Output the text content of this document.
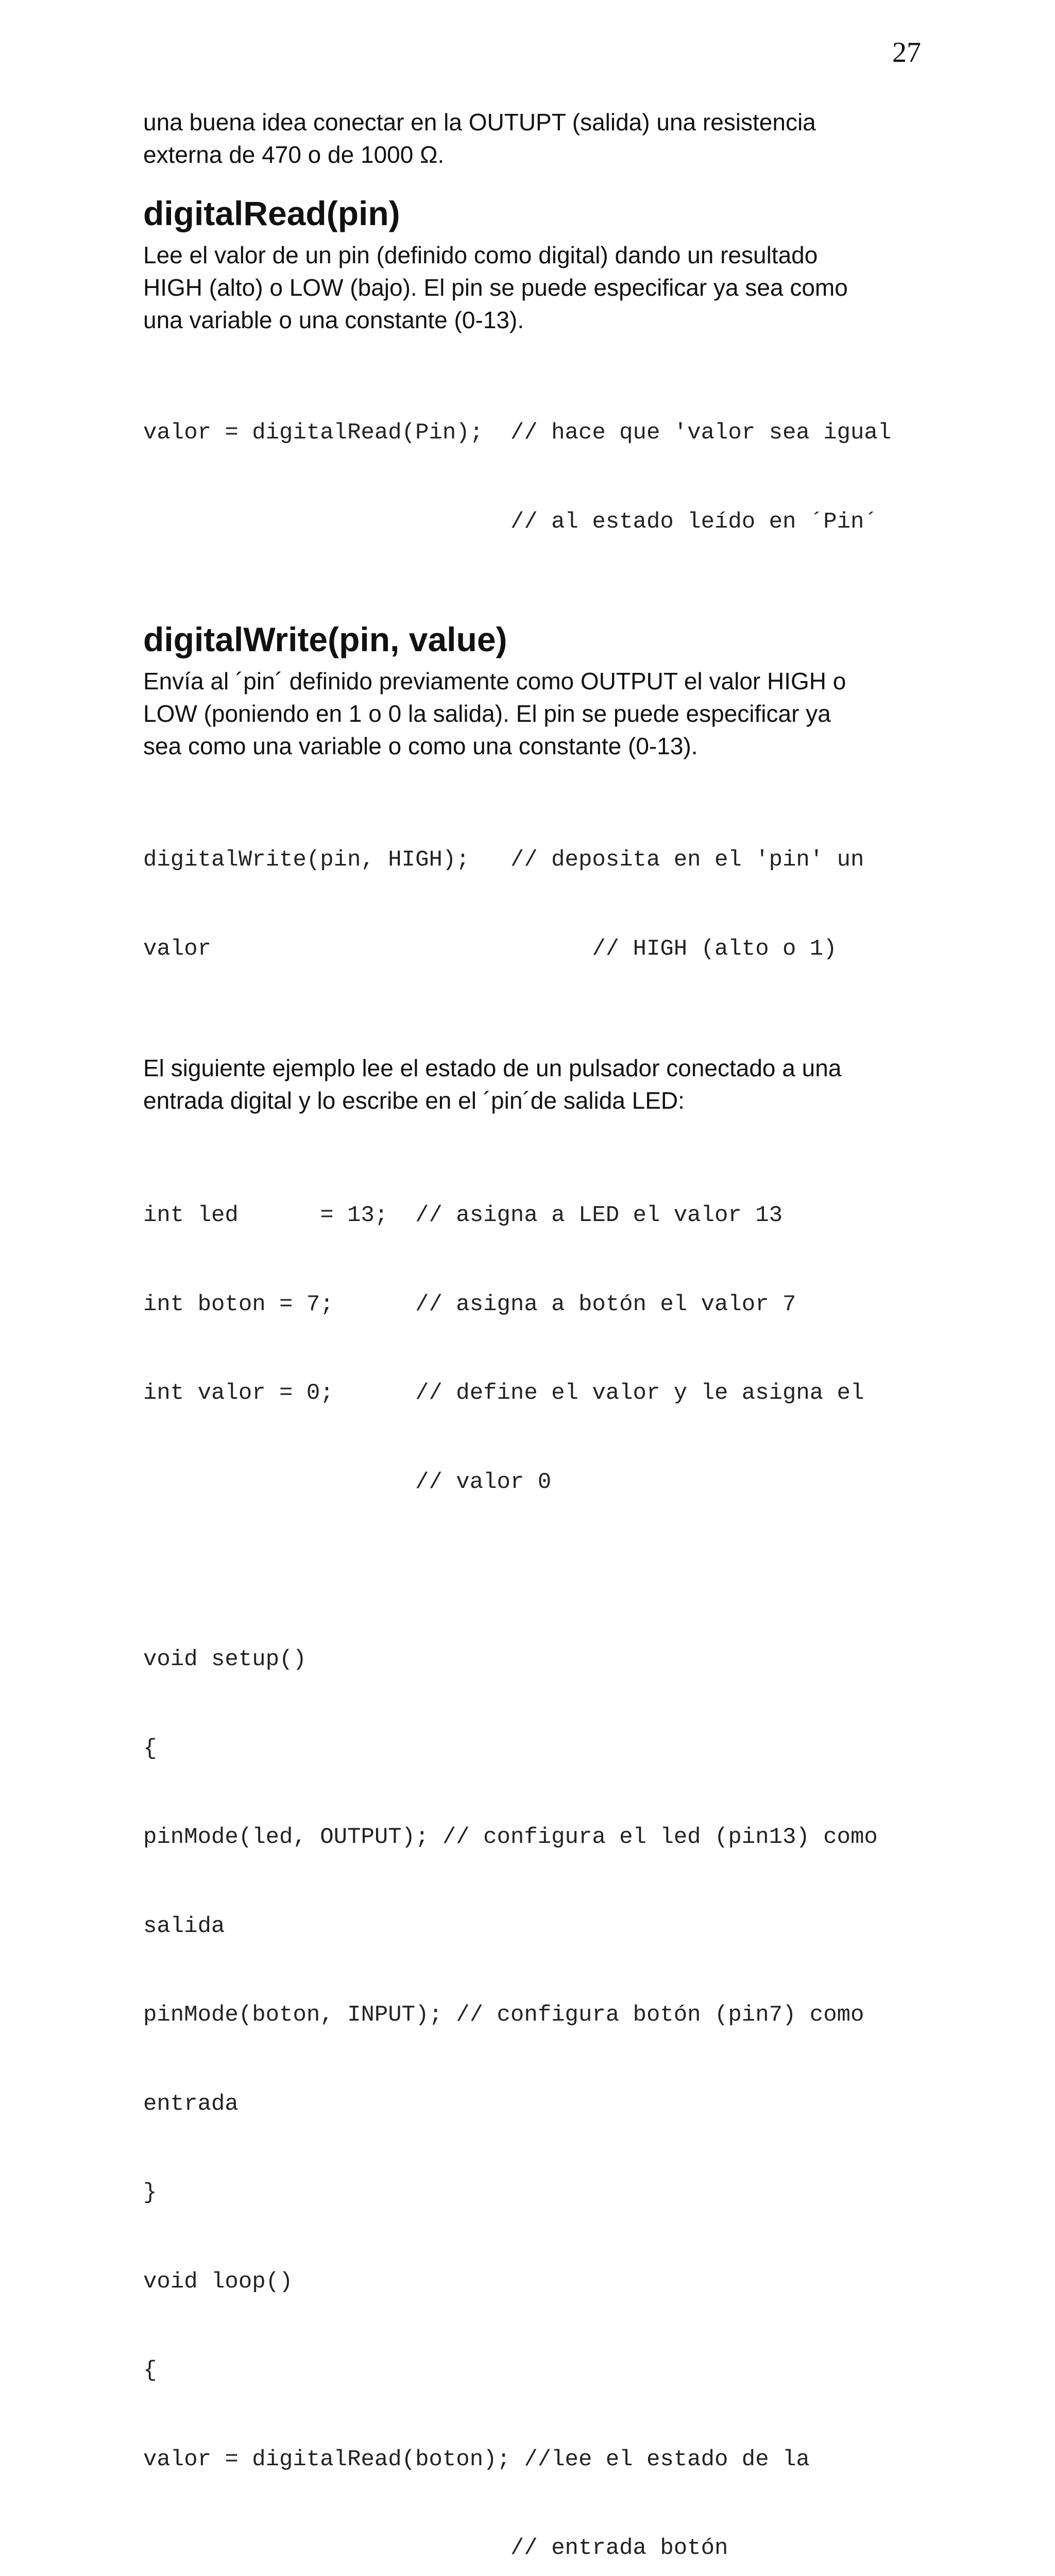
27
una buena idea conectar en la OUTUPT (salida) una resistencia
externa de 470 o de 1000 Ω.
digitalRead(pin)
Lee el valor de un pin (definido como digital) dando un resultado
HIGH (alto) o LOW (bajo). El pin se puede especificar ya sea como
una variable o una constante (0-13).

valor = digitalRead(Pin);  // hace que 'valor sea igual

// al estado leído en ´Pin´

digitalWrite(pin, value)
Envía al ´pin´ definido previamente como OUTPUT el valor HIGH o
LOW (poniendo en 1 o 0 la salida). El pin se puede especificar ya
sea como una variable o como una constante (0-13).

digitalWrite(pin, HIGH);   // deposita en el 'pin' un

valor                            // HIGH (alto o 1)

El siguiente ejemplo lee el estado de un pulsador conectado a una
entrada digital y lo escribe en el ´pin´de salida LED:

int led      = 13;  // asigna a LED el valor 13

int boton = 7;      // asigna a botón el valor 7

int valor = 0;      // define el valor y le asigna el

// valor 0

void setup()

{

pinMode(led, OUTPUT); // configura el led (pin13) como

salida

pinMode(boton, INPUT); // configura botón (pin7) como

entrada

}

void loop()

{

valor = digitalRead(boton); //lee el estado de la

// entrada botón
